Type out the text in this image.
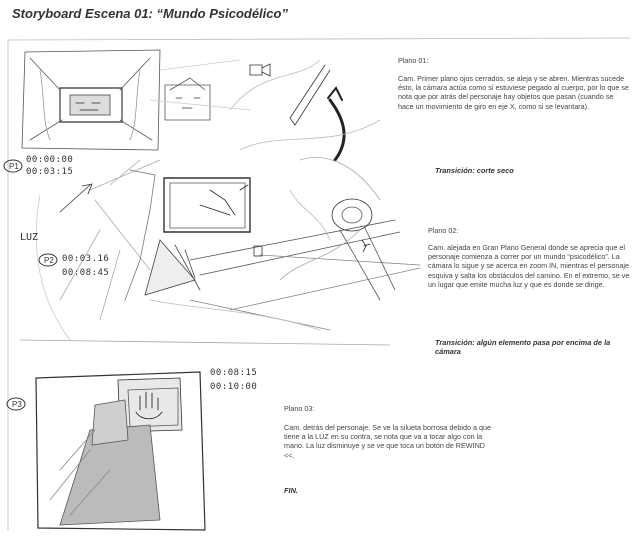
Storyboard Escena 01: “Mundo Psicodélico”
LUZ
P1
00:00:00
00:03:15
P2 00:03.16
00:08:45
P3
00:08:15
00:10:00
Plano 01:
Cam. Primer plano ojos cerrados, se aleja y se abren. Mientras sucede ésto, la cámara actúa como si estuviese pegado al cuerpo, por lo que se nota que por atrás del personaje hay objetos que pasan (cuando se hace un movimiento de giro en eje X, como si se levantara).
Transición: corte seco
Plano 02:
Cam. alejada en Gran Plano General donde se aprecia que el personaje comienza a correr por un mundo “psicodélico”. La cámara lo sigue y se acerca en zoom IN, mientras el personaje esquiva y salta los obstáculos del camino. En el extremo, se ve un lugar que emite mucha luz y que es donde se dirige.
Transición: algún elemento pasa por encima de la cámara
Plano 03:
Cam. detrás del personaje. Se ve la silueta borrosa debido a que tiene a la LUZ en su contra, se nota que va a tocar algo con la mano. La luz disminuye y se ve que toca un botón de REWIND <<.
FIN.
